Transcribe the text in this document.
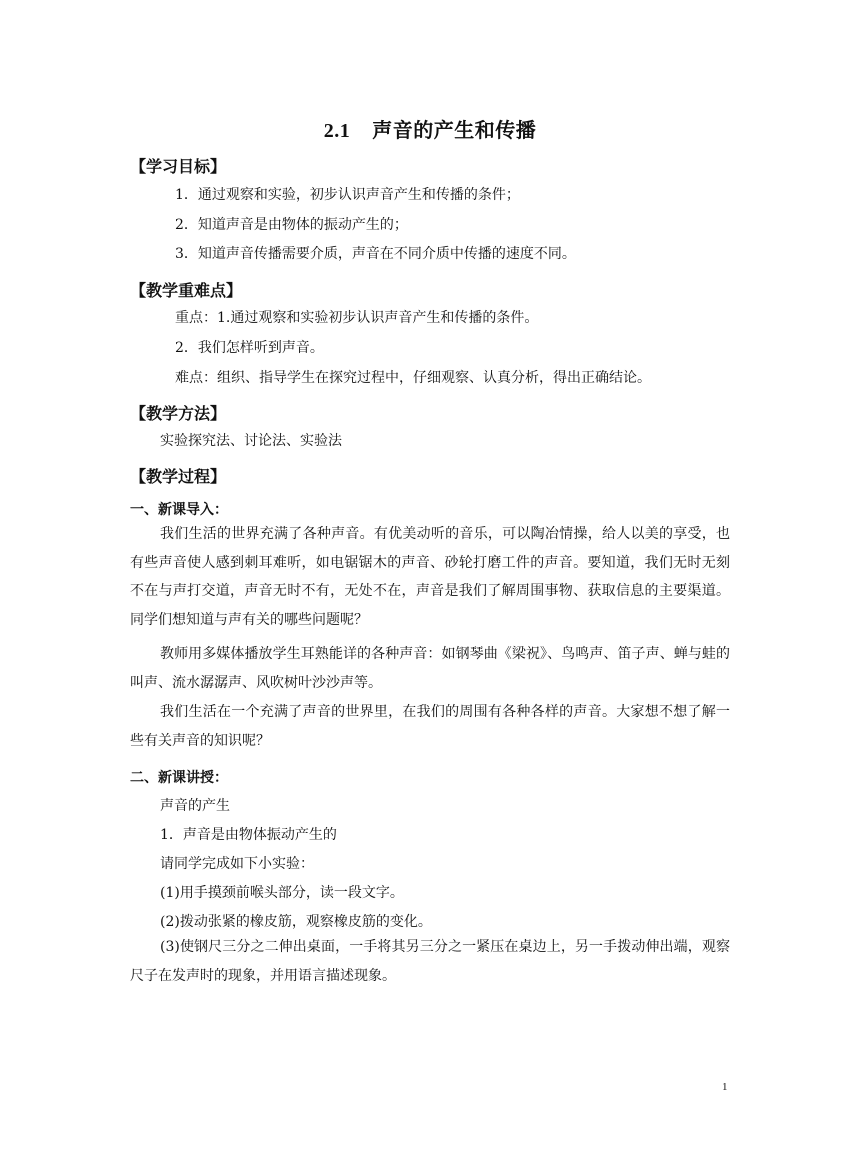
2.1 声音的产生和传播
【学习目标】
1．通过观察和实验，初步认识声音产生和传播的条件；
2．知道声音是由物体的振动产生的；
3．知道声音传播需要介质，声音在不同介质中传播的速度不同。
【教学重难点】
重点：1.通过观察和实验初步认识声音产生和传播的条件。
2．我们怎样听到声音。
难点：组织、指导学生在探究过程中，仔细观察、认真分析，得出正确结论。
【教学方法】
实验探究法、讨论法、实验法
【教学过程】
一、新课导入：
我们生活的世界充满了各种声音。有优美动听的音乐，可以陶冶情操，给人以美的享受，也有些声音使人感到刺耳难听，如电锯锯木的声音、砂轮打磨工件的声音。要知道，我们无时无刻不在与声打交道，声音无时不有，无处不在，声音是我们了解周围事物、获取信息的主要渠道。同学们想知道与声有关的哪些问题呢？
教师用多媒体播放学生耳熟能详的各种声音：如钢琴曲《梁祝》、鸟鸣声、笛子声、蝉与蛙的叫声、流水潺潺声、风吹树叶沙沙声等。
我们生活在一个充满了声音的世界里，在我们的周围有各种各样的声音。大家想不想了解一些有关声音的知识呢？
二、新课讲授：
声音的产生
1．声音是由物体振动产生的
请同学完成如下小实验：
(1)用手摸颈前喉头部分，读一段文字。
(2)拨动张紧的橡皮筋，观察橡皮筋的变化。
(3)使钢尺三分之二伸出桌面，一手将其另三分之一紧压在桌边上，另一手拨动伸出端，观察尺子在发声时的现象，并用语言描述现象。
1
